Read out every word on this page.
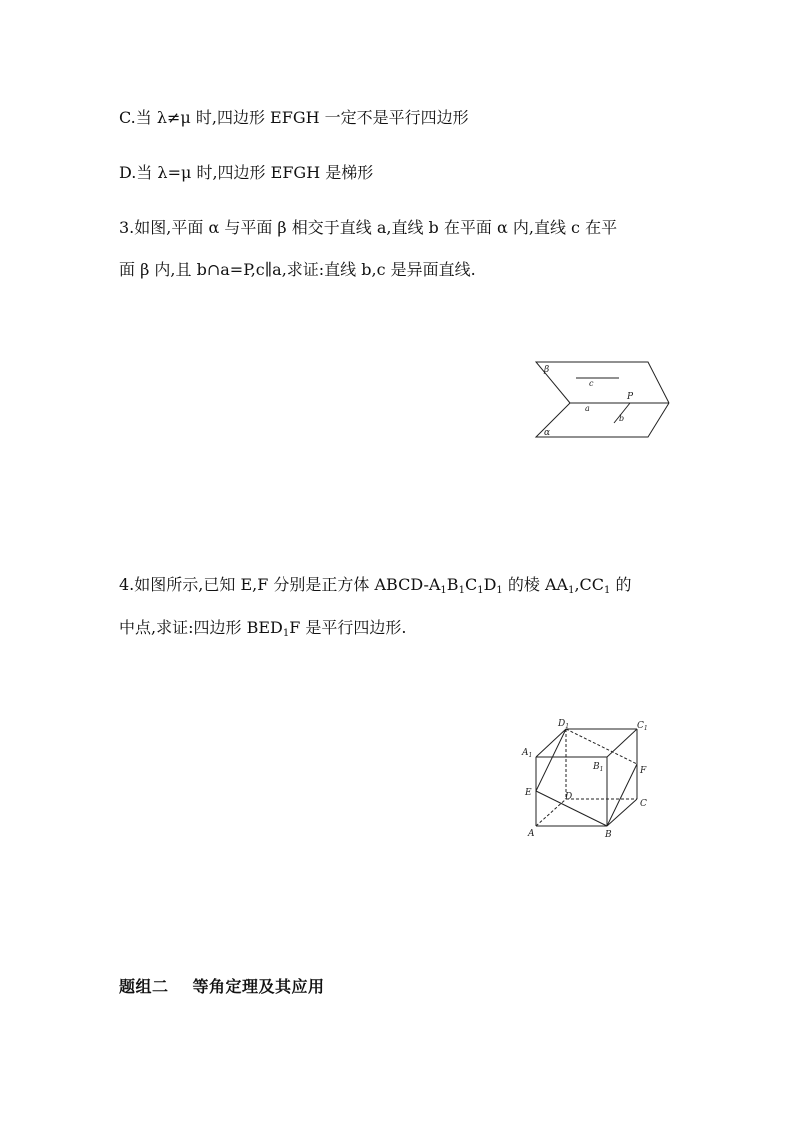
C.当 λ≠μ 时,四边形 EFGH 一定不是平行四边形
D.当 λ=μ 时,四边形 EFGH 是梯形
3.如图,平面 α 与平面 β 相交于直线 a,直线 b 在平面 α 内,直线 c 在平
面 β 内,且 b∩a=P,c∥a,求证:直线 b,c 是异面直线.
β
α
c
a
P
b
4.如图所示,已知 E,F 分别是正方体 ABCD-$A_1B_1C_1D_1$ 的棱 $AA_1,CC_1$ 的
中点,求证:四边形 $BED_1F$ 是平行四边形.
$D_1$	$C_1$
$A_1$
$B_1$	F
E	D
C
A	B
题组二 等角定理及其应用
